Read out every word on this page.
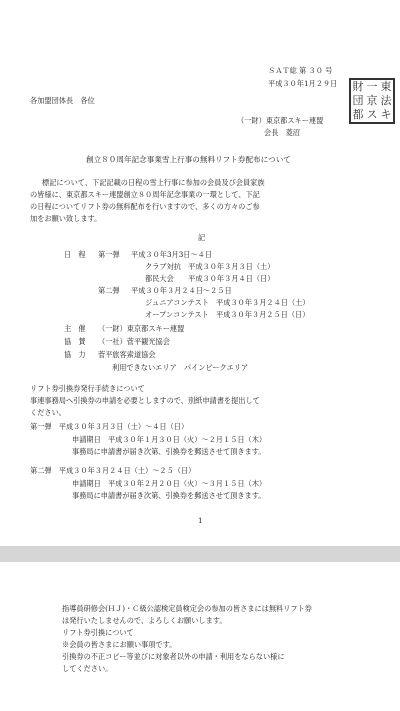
ＳＡＴ総 第 ３０ 号
平成３０年1月２９日
各加盟団体長　各位
（一財）東京都スキー連盟
会長　菱沼　　　
財 一 東
団 京 法
都 ス キ
創立８０周年記念事業雪上行事の無料リフト券配布について
標記について、下記記載の日程の雪上行事に参加の会員及び会員家族
の皆様に、東京都スキー連盟創立８０周年記念事業の一環として、下記
の日程についてリフト券の無料配布を行いますので、多くの方々のご参
加をお願い致します。
記
日　程 第一弾 平成３０年3月3日～４日
クラブ対抗　平成３０年３月３日（土）
都民大会　　平成３０年３月４日（日）
第二弾 平成３０年３月２４日～２５日
ジュニアコンテスト　平成３０年３月２４日（土）
オープンコンテスト　平成３０年３月２５日（日）
主　催 （一財）東京都スキー連盟
協　賛 （一社）菅平観光協会
協　力 菅平旅客索道協会
利用できないエリア　パインビークエリア
リフト券引換券発行手続きについて
事連事務局へ引換券の申請を必要としますので、別紙申請書を提出して
ください。
第一弾　平成３０年３月３日（土）～４日（日）
申請期日　平成３０年１月３０日（火）～２月１５日（木）
事務局に申請書が届き次第、引換券を郵送させて頂きます。
第二弾　平成３０年３月２４日（土）～２５（日）
申請期日　平成３０年２月２０日（火）～３月１５日（木）
事務局に申請書が届き次第、引換券を郵送させて頂きます。
1
指導員研修会(ＨＪ)・Ｃ級公認検定員検定会の参加の皆さまには無料リフト券
は発行いたしませんので、よろしくお願いします。
リフト券引換について
※会員の皆さまにお願い事項です。
引換券の不正コピー等並びに対象者以外の申請・利用をならない様に
してください。
